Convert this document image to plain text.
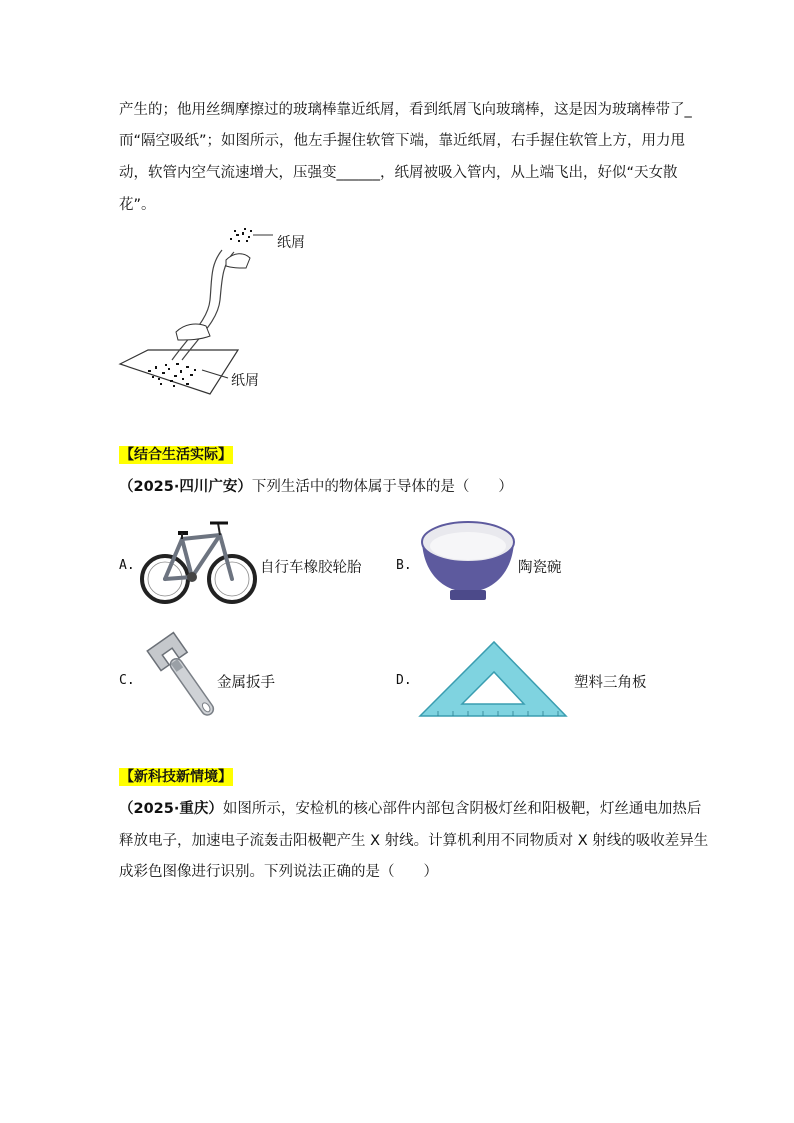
产生的；他用丝绸摩擦过的玻璃棒靠近纸屑，看到纸屑飞向玻璃棒，这是因为玻璃棒带了_
而“隔空吸纸”；如图所示，他左手握住软管下端，靠近纸屑，右手握住软管上方，用力甩
动，软管内空气流速增大，压强变______，纸屑被吸入管内，从上端飞出，好似“天女散
花”。
纸屑
纸屑
【结合生活实际】
（2025·四川广安）下列生活中的物体属于导体的是（　　）
A.	自行车橡胶轮胎	B.	陶瓷碗
C.	金属扳手	D.	塑料三角板
【新科技新情境】
（2025·重庆）如图所示，安检机的核心部件内部包含阴极灯丝和阳极靶，灯丝通电加热后
释放电子，加速电子流轰击阳极靶产生 X 射线。计算机利用不同物质对 X 射线的吸收差异生
成彩色图像进行识别。下列说法正确的是（　　）
